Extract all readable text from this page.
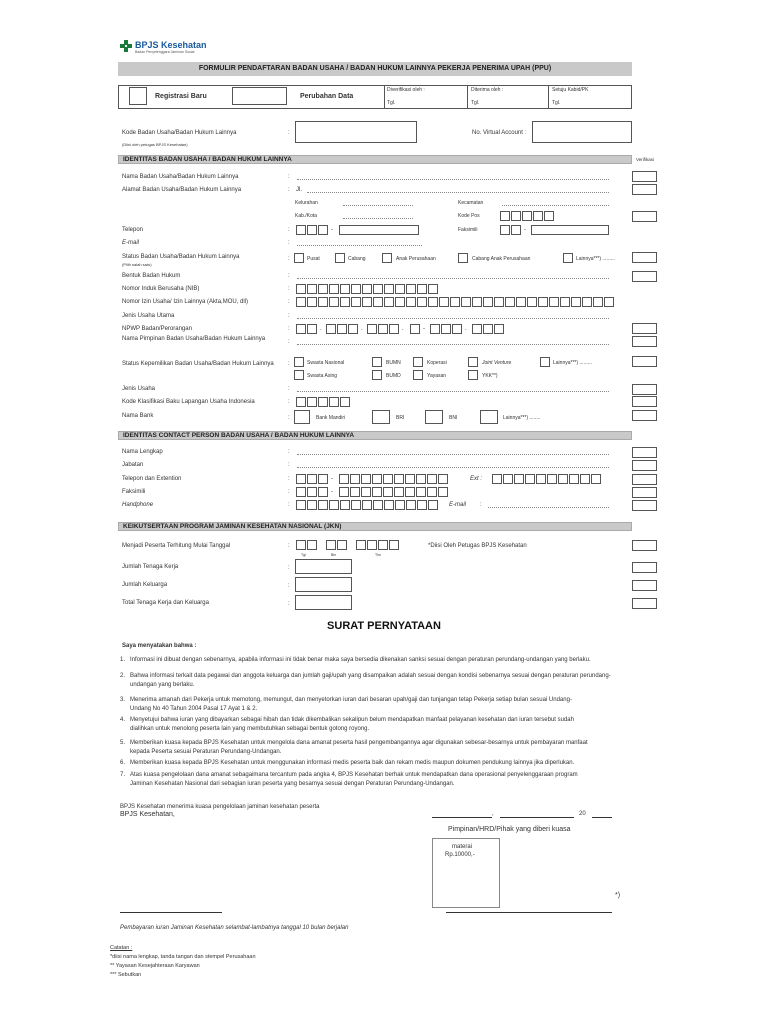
BPJS Kesehatan
Badan Penyelenggara Jaminan Sosial
FORMULIR PENDAFTARAN BADAN USAHA / BADAN HUKUM LAINNYA PEKERJA PENERIMA UPAH (PPU)
Registrasi Baru	Perubahan Data
Diverifikasi oleh :
Tgl.
Diterima oleh :
Tgl.
Setuju Kabid/PK
Tgl.
Kode Badan Usaha/Badan Hukum Lainnya	:
(Diisi oleh petugas BPJS Kesehatan)
No. Virtual Account :
IDENTITAS BADAN USAHA / BADAN HUKUM LAINNYA	Verifikasi
Nama Badan Usaha/Badan Hukum Lainnya	:
Alamat Badan Usaha/Badan Hukum Lainnya	: Jl.
Kelurahan	Kecamatan
Kab./Kota	Kode Pos
Telepon	:	-	Faksimili	-
E-mail	:
Status Badan Usaha/Badan Hukum Lainnya
(Pilih salah satu)
:	Pusat	Cabang	Anak Perusahaan	Cabang Anak Perusahaan	Lainnya***) .........
Bentuk Badan Hukum	:
Nomor Induk Berusaha (NIB)	:
Nomor Izin Usaha/ Izin Lainnya (Akta,MOU, dll)	:
Jenis Usaha Utama	:
NPWP Badan/Perorangan	:	.	.	.	-	.
Nama Pimpinan Badan Usaha/Badan Hukum Lainnya	:
Status Kepemilikan Badan Usaha/Badan Hukum Lainnya	:	Swasta Nasional	BUMN	Koperasi	Joint Venture	Lainnya***) .........
Swasta Asing	BUMD	Yayasan	YKK**)
Jenis Usaha	:
Kode Klasifikasi Baku Lapangan Usaha Indonesia	:
Nama Bank	:	Bank Mandiri	BRI	BNI	Lainnya***) ........
IDENTITAS CONTACT PERSON BADAN USAHA / BADAN HUKUM LAINNYA
Nama Lengkap	:
Jabatan	:
Telepon dan Extention	:	-	Ext :
Faksimili	:	-
Handphone	:	E-mail :
KEIKUTSERTAAN PROGRAM JAMINAN KESEHATAN NASIONAL (JKN)
Menjadi Peserta Terhitung Mulai Tanggal	:
Tgl	Bln	Thn
*Diisi Oleh Petugas BPJS Kesehatan
Jumlah Tenaga Kerja	:
Jumlah Keluarga	:
Total Tenaga Kerja dan Keluarga	:
SURAT PERNYATAAN
Saya menyatakan bahwa :
1. Informasi ini dibuat dengan sebenarnya, apabila informasi ini tidak benar maka saya bersedia dikenakan sanksi sesuai dengan peraturan perundang-undangan yang berlaku.
2. Bahwa informasi terkait data pegawai dan anggota keluarga dan jumlah gaji/upah yang disampaikan adalah sesuai dengan kondisi sebenarnya sesuai dengan peraturan perundang-
undangan yang berlaku.
3. Menerima amanah dari Pekerja untuk memotong, memungut, dan menyetorkan iuran dari besaran upah/gaji dan tunjangan tetap Pekerja setiap bulan sesuai Undang-
Undang No 40 Tahun 2004 Pasal 17 Ayat 1 & 2.
4. Menyetujui bahwa iuran yang dibayarkan sebagai hibah dan tidak dikembalikan sekalipun belum mendapatkan manfaat pelayanan kesehatan dan iuran tersebut sudah
dialihkan untuk menolong peserta lain yang membutuhkan sebagai bentuk gotong royong.
5. Memberikan kuasa kepada BPJS Kesehatan untuk mengelola dana amanat peserta hasil pengembangannya agar digunakan sebesar-besarnya untuk pembayaran manfaat
kepada Peserta sesuai Peraturan Perundang-Undangan.
6. Memberikan kuasa kepada BPJS Kesehatan untuk menggunakan informasi medis peserta baik dan rekam medis maupun dokumen pendukung lainnya jika diperlukan.
7. Atas kuasa pengelolaan dana amanat sebagaimana tercantum pada angka 4, BPJS Kesehatan berhak untuk mendapatkan dana operasional penyelenggaraan program
Jaminan Kesehatan Nasional dari sebagian iuran peserta yang besarnya sesuai dengan Peraturan Perundang-Undangan.
BPJS Kesehatan menerima kuasa pengelolaan jaminan kesehatan peserta
BPJS Kesehatan,	,	20
Pimpinan/HRD/Pihak yang diberi kuasa
materai
Rp.10000,-
*)
Pembayaran iuran Jaminan Kesehatan selambat-lambatnya tanggal 10 bulan berjalan
Catatan :
*diisi nama lengkap, tanda tangan dan stempel Perusahaan
** Yayasan Kesejahteraan Karyawan
*** Sebutkan
